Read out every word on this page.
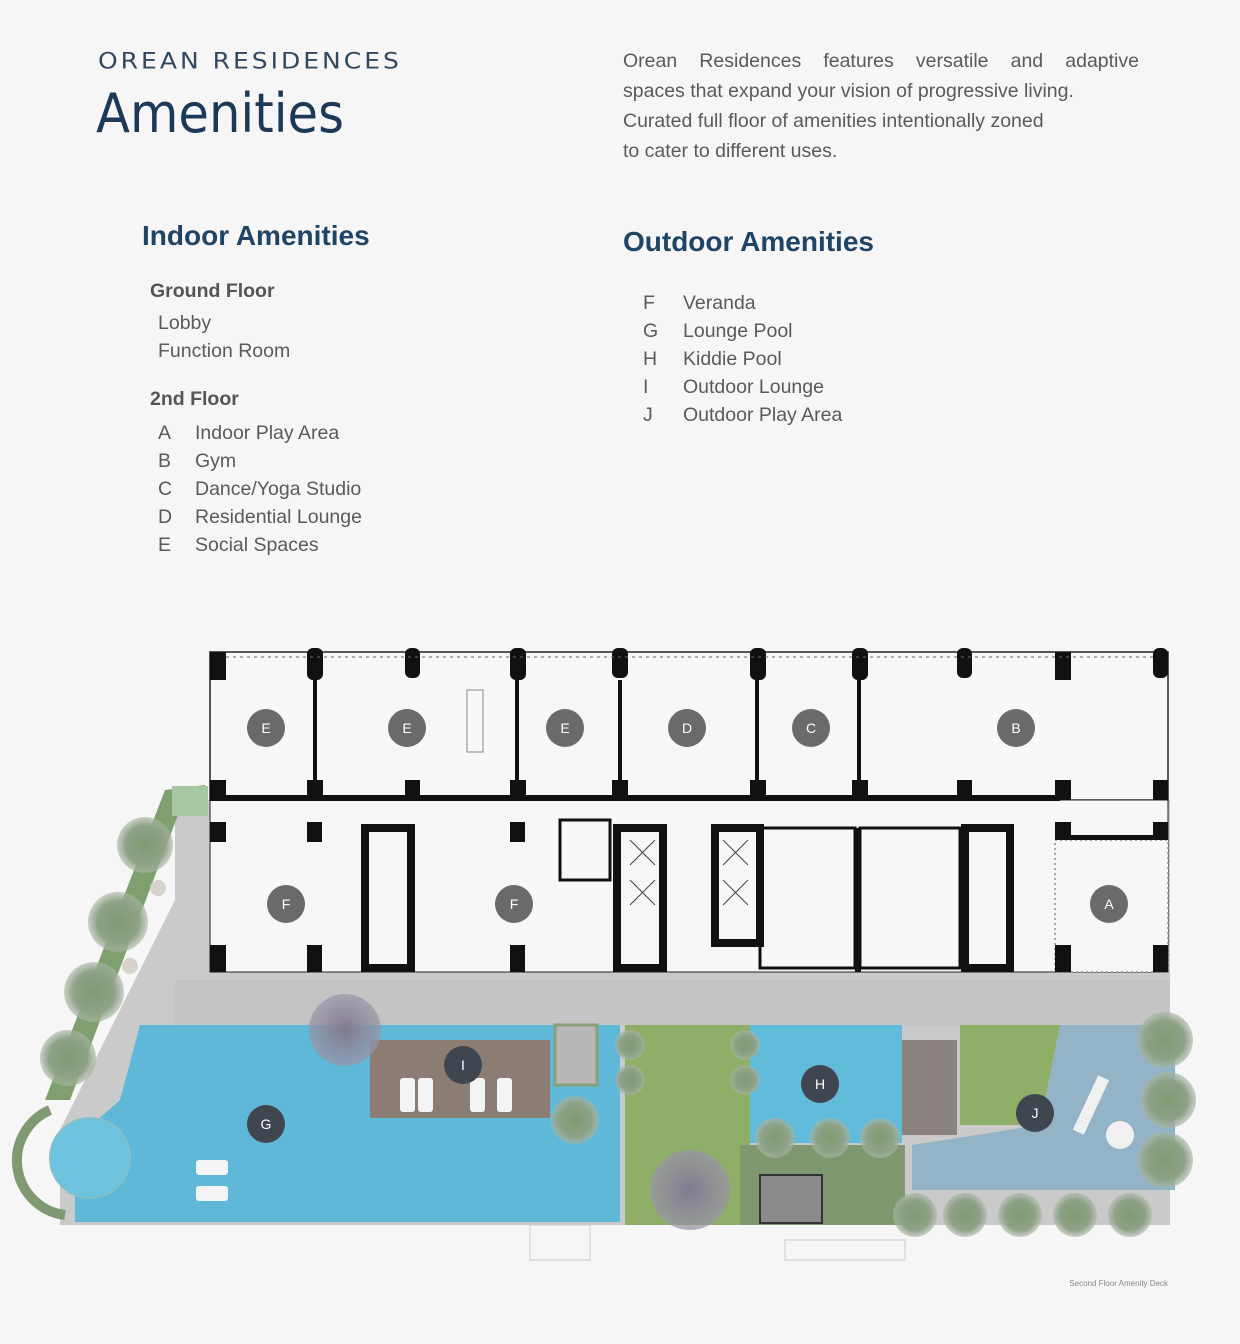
OREAN RESIDENCES
Amenities

Orean Residences features versatile and adaptive
spaces that expand your vision of progressive living.
Curated full floor of amenities intentionally zoned
to cater to different uses.

Indoor Amenities
Ground Floor
Lobby
Function Room
2nd Floor
A	Indoor Play Area
B	Gym
C	Dance/Yoga Studio
D	Residential Lounge
E	Social Spaces
Outdoor Amenities
F	Veranda
G	Lounge Pool
H	Kiddie Pool
I	Outdoor Lounge
J	Outdoor Play Area
E	E	E	D	C	B
F	F	A
G
I
H
J
Second Floor Amenity Deck
